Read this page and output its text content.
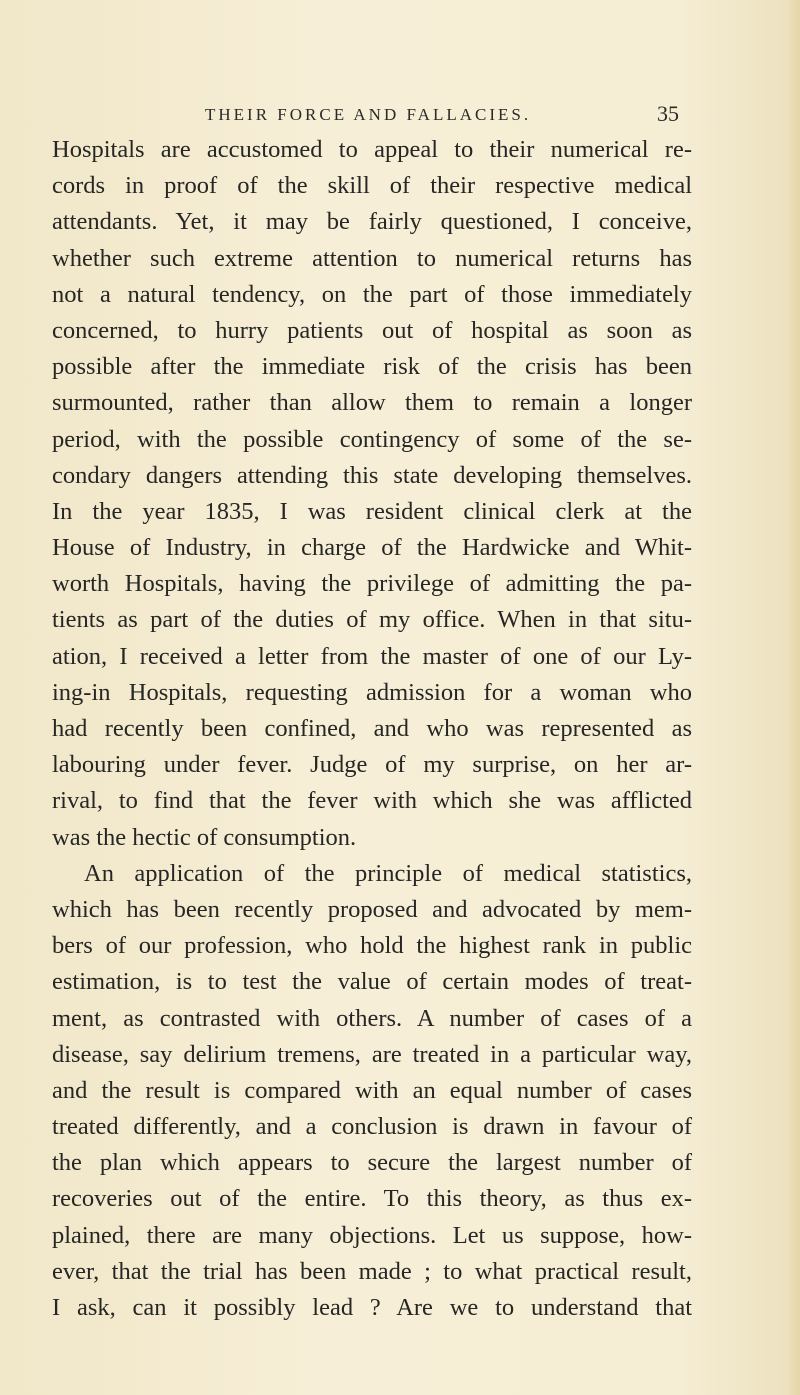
THEIR FORCE AND FALLACIES.	35
Hospitals are accustomed to appeal to their numerical re-
cords in proof of the skill of their respective medical
attendants. Yet, it may be fairly questioned, I conceive,
whether such extreme attention to numerical returns has
not a natural tendency, on the part of those immediately
concerned, to hurry patients out of hospital as soon as
possible after the immediate risk of the crisis has been
surmounted, rather than allow them to remain a longer
period, with the possible contingency of some of the se-
condary dangers attending this state developing themselves.
In the year 1835, I was resident clinical clerk at the
House of Industry, in charge of the Hardwicke and Whit-
worth Hospitals, having the privilege of admitting the pa-
tients as part of the duties of my office. When in that situ-
ation, I received a letter from the master of one of our Ly-
ing-in Hospitals, requesting admission for a woman who
had recently been confined, and who was represented as
labouring under fever. Judge of my surprise, on her ar-
rival, to find that the fever with which she was afflicted
was the hectic of consumption.
An application of the principle of medical statistics,
which has been recently proposed and advocated by mem-
bers of our profession, who hold the highest rank in public
estimation, is to test the value of certain modes of treat-
ment, as contrasted with others. A number of cases of a
disease, say delirium tremens, are treated in a particular way,
and the result is compared with an equal number of cases
treated differently, and a conclusion is drawn in favour of
the plan which appears to secure the largest number of
recoveries out of the entire. To this theory, as thus ex-
plained, there are many objections. Let us suppose, how-
ever, that the trial has been made ; to what practical result,
I ask, can it possibly lead ? Are we to understand that
